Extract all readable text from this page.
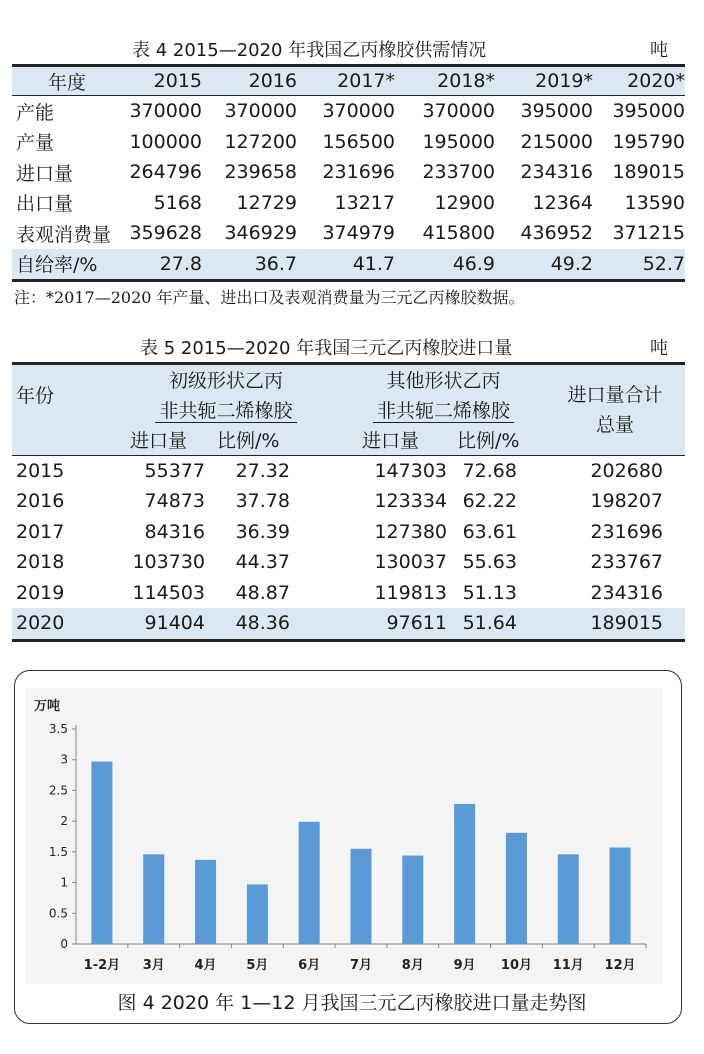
表 4 2015—2020 年我国乙丙橡胶供需情况	吨
年度	2015	2016	2017*	2018*	2019*	2020*
产能	370000	370000	370000	370000	395000	395000
产量	100000	127200	156500	195000	215000	195790
进口量	264796	239658	231696	233700	234316	189015
出口量	5168	12729	13217	12900	12364	13590
表观消费量	359628	346929	374979	415800	436952	371215
自给率/%	27.8	36.7	41.7	46.9	49.2	52.7
注：*2017—2020 年产量、进出口及表观消费量为三元乙丙橡胶数据。
表 5 2015—2020 年我国三元乙丙橡胶进口量	吨
年份	初级形状乙丙		其他形状乙丙		进口量合计
总量
	非共轭二烯橡胶		非共轭二烯橡胶		
	进口量	比例/%	进口量	比例/%	
2015	55377	27.32	147303	72.68	202680
2016	74873	37.78	123334	62.22	198207
2017	84316	36.39	127380	63.61	231696
2018	103730	44.37	130037	55.63	233767
2019	114503	48.87	119813	51.13	234316
2020	91404	48.36	97611	51.64	189015
万吨
0
0.5
1
1.5
2
2.5
3
3.5
1-2月 3月 4月 5月 6月 7月 8月 9月 10月 11月 12月
图 4 2020 年 1—12 月我国三元乙丙橡胶进口量走势图
